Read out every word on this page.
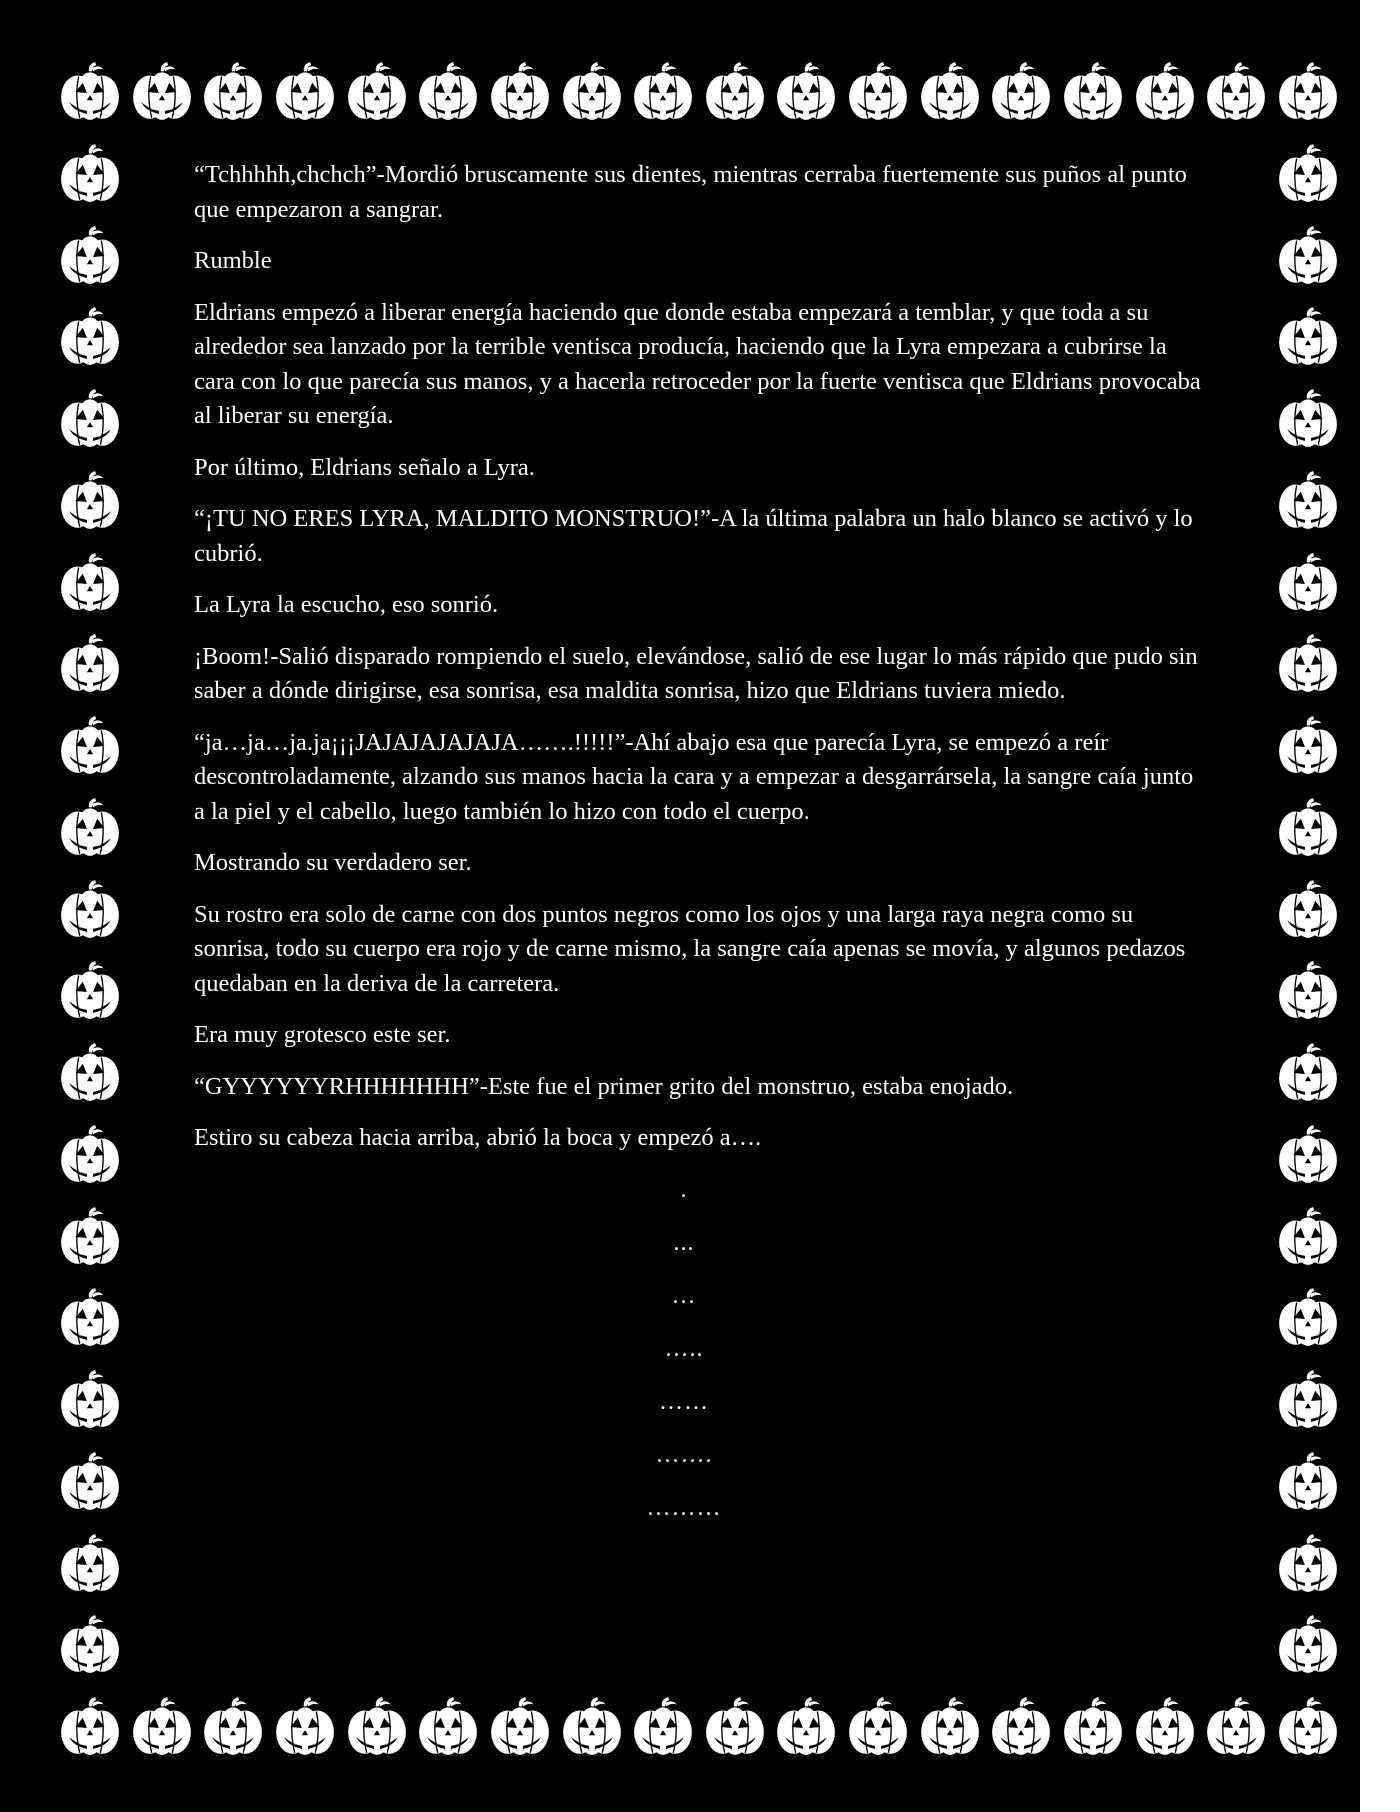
“Tchhhhh,chchch”-Mordió bruscamente sus dientes, mientras cerraba fuertemente sus puños al punto que empezaron a sangrar.

Rumble

Eldrians empezó a liberar energía haciendo que donde estaba empezará a temblar, y que toda a su alrededor sea lanzado por la terrible ventisca producía, haciendo que la Lyra empezara a cubrirse la cara con lo que parecía sus manos, y a hacerla retroceder por la fuerte ventisca que Eldrians provocaba al liberar su energía.

Por último, Eldrians señalo a Lyra.

“¡TU NO ERES LYRA, MALDITO MONSTRUO!”-A la última palabra un halo blanco se activó y lo cubrió.

La Lyra la escucho, eso sonrió.

¡Boom!-Salió disparado rompiendo el suelo, elevándose, salió de ese lugar lo más rápido que pudo sin saber a dónde dirigirse, esa sonrisa, esa maldita sonrisa, hizo que Eldrians tuviera miedo.

“ja…ja…ja.ja¡¡¡JAJAJAJAJAJA…….!!!!!”-Ahí abajo esa que parecía Lyra, se empezó a reír descontroladamente, alzando sus manos hacia la cara y a empezar a desgarrársela, la sangre caía junto a la piel y el cabello, luego también lo hizo con todo el cuerpo.

Mostrando su verdadero ser.

Su rostro era solo de carne con dos puntos negros como los ojos y una larga raya negra como su sonrisa, todo su cuerpo era rojo y de carne mismo, la sangre caía apenas se movía, y algunos pedazos quedaban en la deriva de la carretera.

Era muy grotesco este ser.

“GYYYYYYRHHHHHHH”-Este fue el primer grito del monstruo, estaba enojado.

Estiro su cabeza hacia arriba, abrió la boca y empezó a….

.
...
…
…..
……
…….
………
